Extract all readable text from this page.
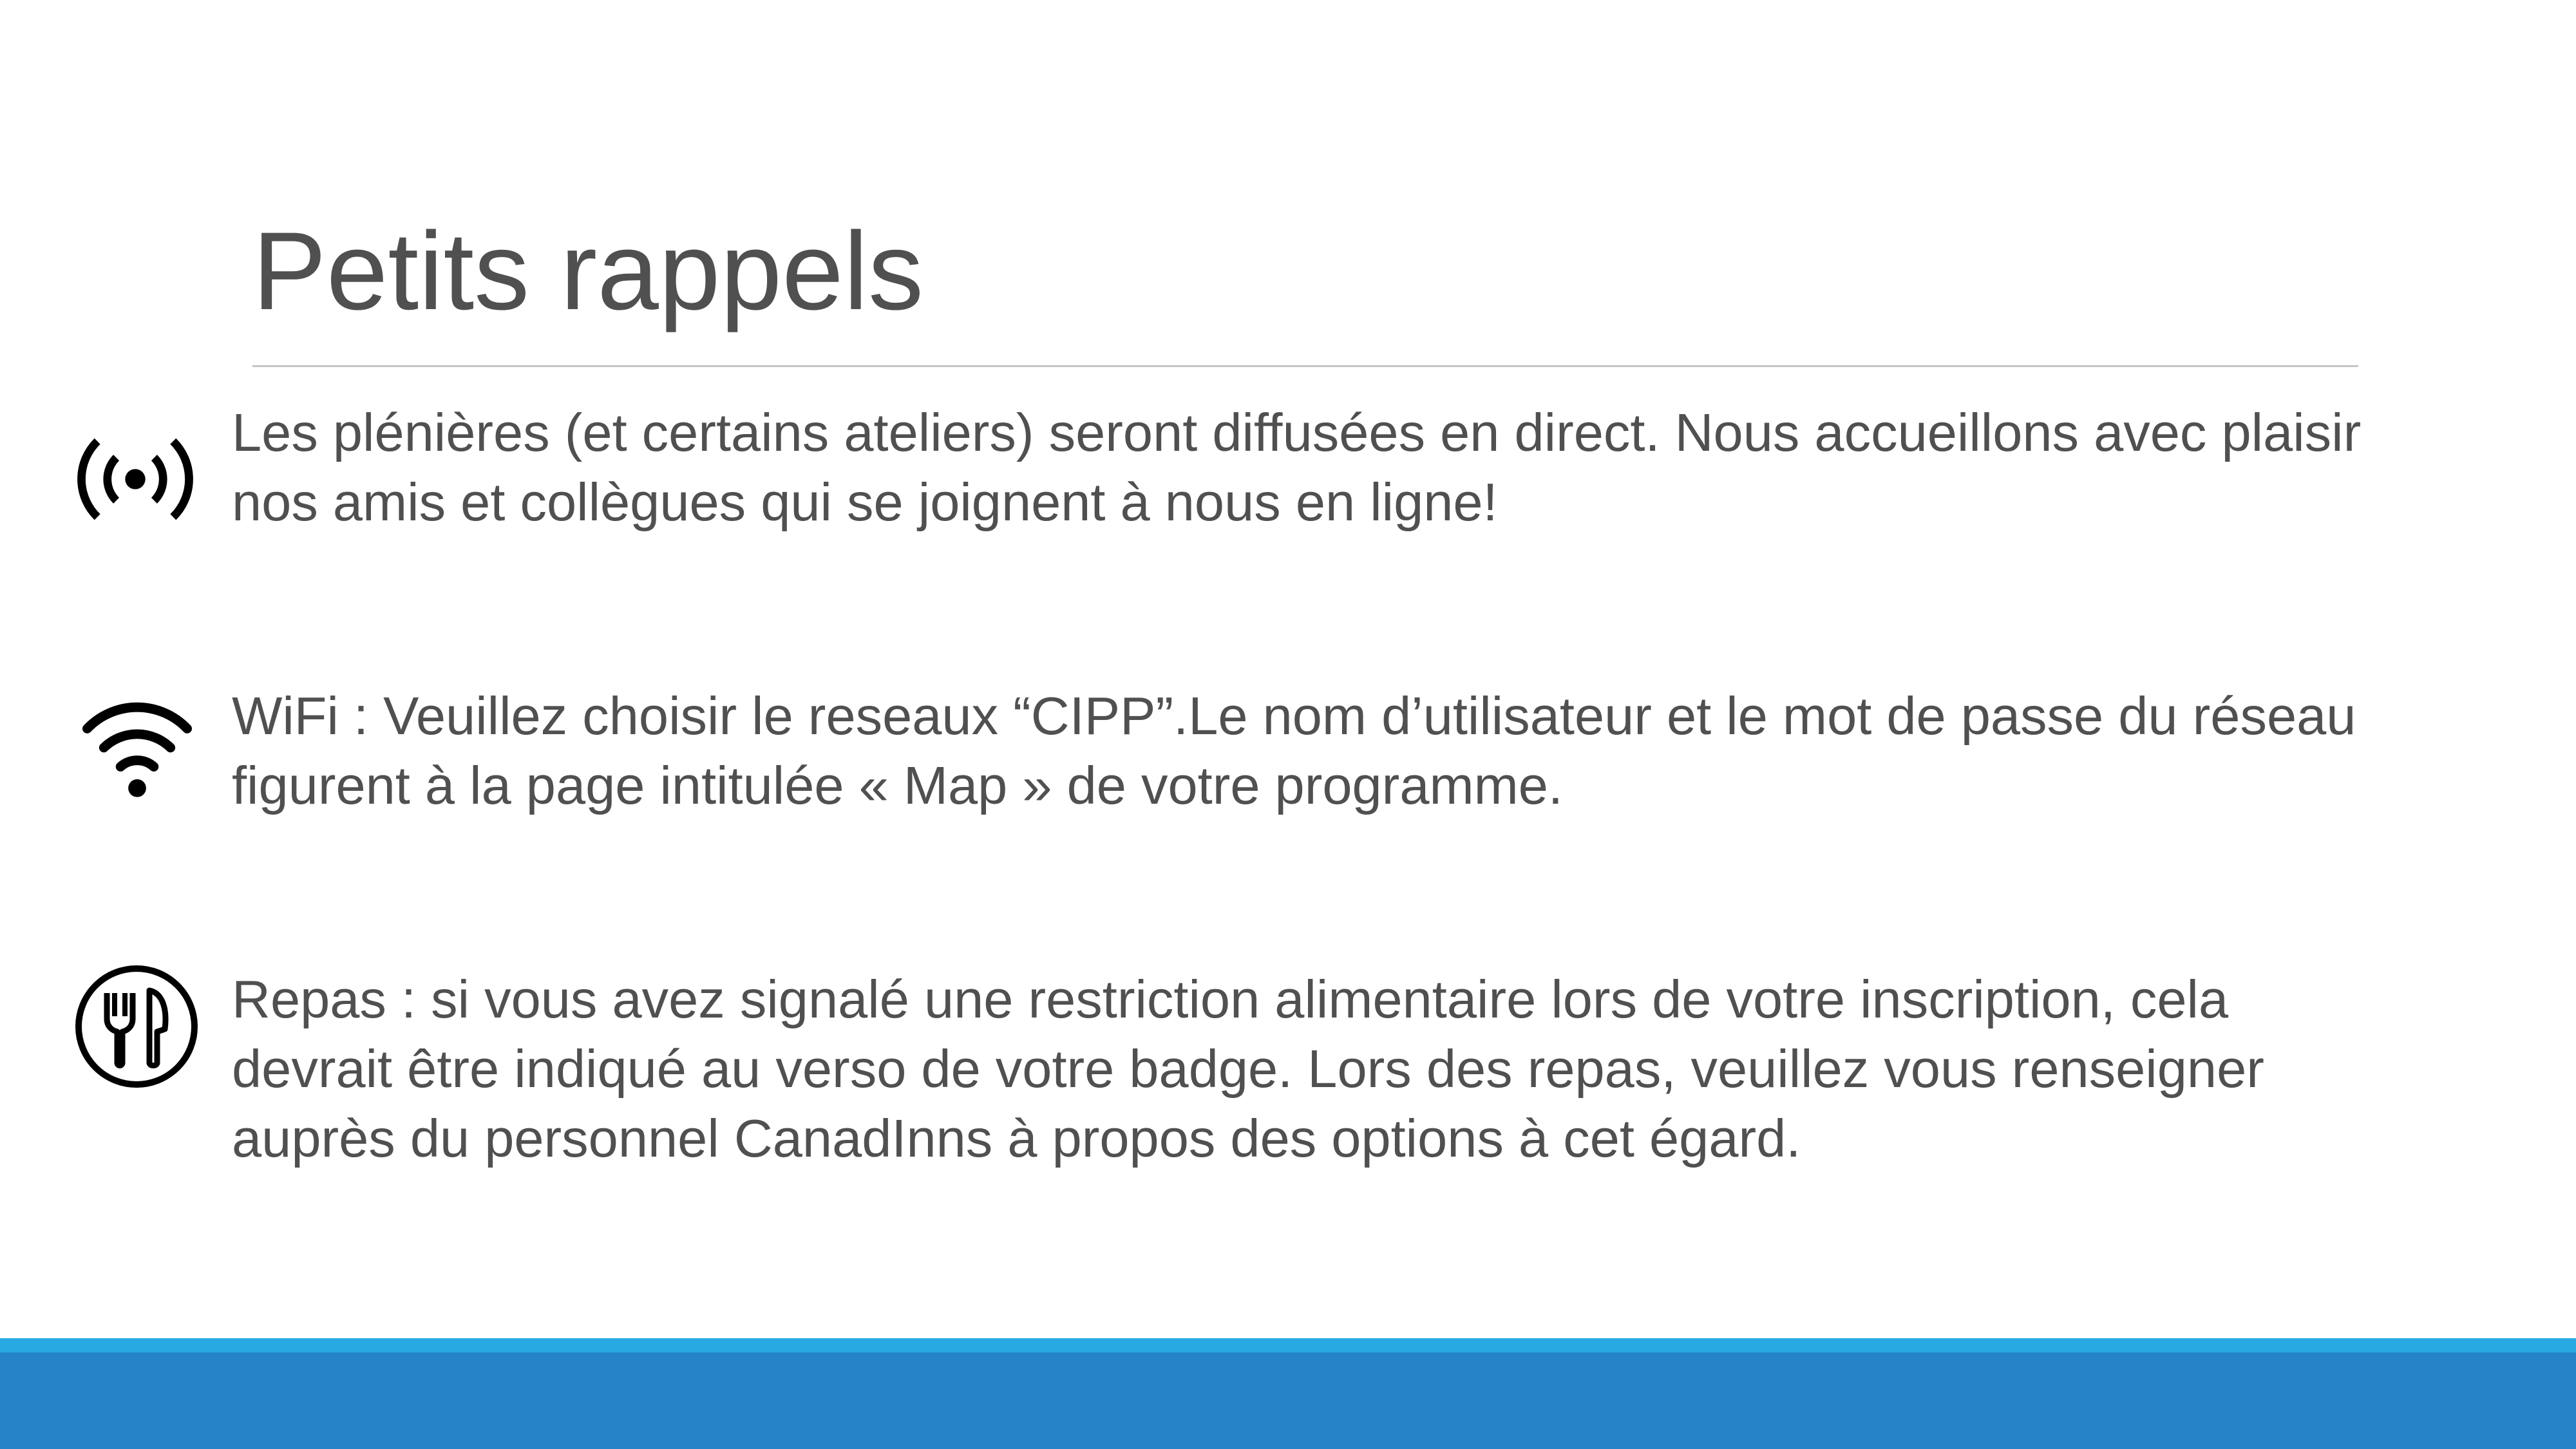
Petits rappels

Les plénières (et certains ateliers) seront diffusées en direct. Nous accueillons avec plaisir nos amis et collègues qui se joignent à nous en ligne!

WiFi : Veuillez choisir le reseaux “CIPP”.Le nom d’utilisateur et le mot de passe du réseau figurent à la page intitulée « Map » de votre programme.

Repas : si vous avez signalé une restriction alimentaire lors de votre inscription, cela devrait être indiqué au verso de votre badge. Lors des repas, veuillez vous renseigner auprès du personnel CanadInns à propos des options à cet égard.
